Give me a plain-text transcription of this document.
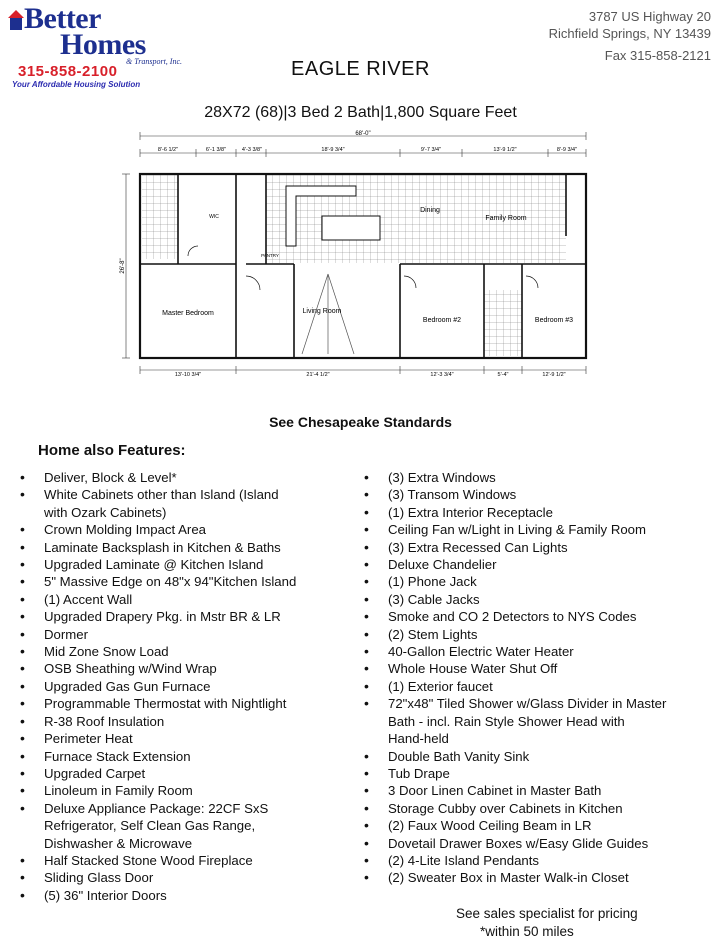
Better
Homes
& Transport, Inc.
315-858-2100
Your Affordable Housing Solution
3787 US Highway 20
Richfield Springs, NY 13439
Fax 315-858-2121
EAGLE RIVER
28X72 (68)|3 Bed 2 Bath|1,800 Square Feet
68'-0"
8'-6 1/2"	6'-1 3/8"	4'-3 3/8"	18'-9 3/4"	9'-7 3/4"	13'-9 1/2"	8'-9 3/4"
26'-8"
13'-10 3/4"	21'-4 1/2"	12'-3 3/4"	5'-4"	12'-9 1/2"
Master Bedroom	Living Room
Dining
Family Room
Bedroom #2	Bedroom #3
WIC
PANTRY
See Chesapeake Standards
Home also Features:
• Deliver, Block & Level*
• White Cabinets other than Island (Island
with Ozark Cabinets)
• Crown Molding Impact Area
• Laminate Backsplash in Kitchen & Baths
• Upgraded Laminate @ Kitchen Island
• 5" Massive Edge on 48"x 94"Kitchen Island
• (1) Accent Wall
• Upgraded Drapery Pkg. in Mstr BR & LR
• Dormer
• Mid Zone Snow Load
• OSB Sheathing w/Wind Wrap
• Upgraded Gas Gun Furnace
• Programmable Thermostat with Nightlight
• R-38 Roof Insulation
• Perimeter Heat
• Furnace Stack Extension
• Upgraded Carpet
• Linoleum in Family Room
• Deluxe Appliance Package: 22CF SxS
Refrigerator, Self Clean Gas Range,
Dishwasher & Microwave
• Half Stacked Stone Wood Fireplace
• Sliding Glass Door
• (5) 36" Interior Doors
• (3) Extra Windows
• (3) Transom Windows
• (1) Extra Interior Receptacle
• Ceiling Fan w/Light in Living & Family Room
• (3) Extra Recessed Can Lights
• Deluxe Chandelier
• (1) Phone Jack
• (3) Cable Jacks
• Smoke and CO 2 Detectors to NYS Codes
• (2) Stem Lights
• 40-Gallon Electric Water Heater
• Whole House Water Shut Off
• (1) Exterior faucet
• 72"x48" Tiled Shower w/Glass Divider in Master
Bath - incl. Rain Style Shower Head with
Hand-held
• Double Bath Vanity Sink
• Tub Drape
• 3 Door Linen Cabinet in Master Bath
• Storage Cubby over Cabinets in Kitchen
• (2) Faux Wood Ceiling Beam in LR
• Dovetail Drawer Boxes w/Easy Glide Guides
• (2) 4-Lite Island Pendants
• (2) Sweater Box in Master Walk-in Closet
See sales specialist for pricing
*within 50 miles
